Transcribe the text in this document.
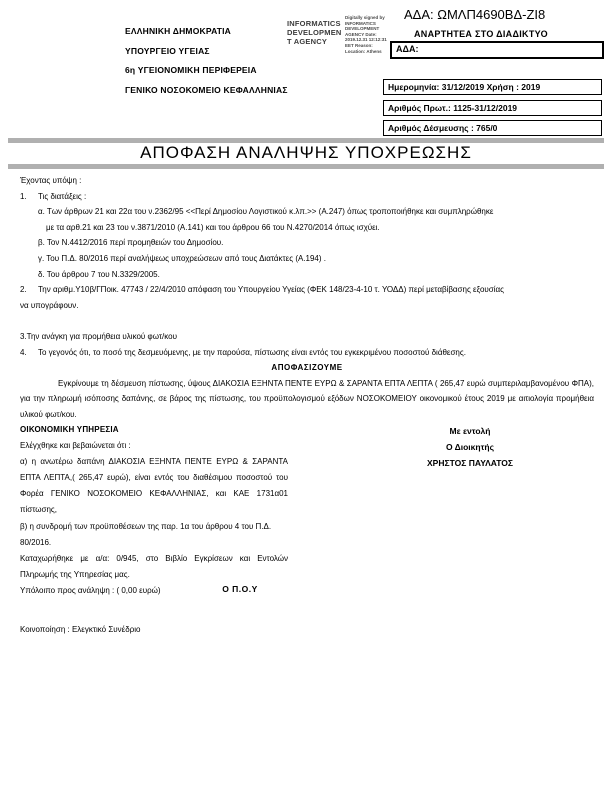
ΑΔΑ: ΩΜΛΠ4690ΒΔ-ΖΙ8
ΕΛΛΗΝΙΚΗ ΔΗΜΟΚΡΑΤΙΑ
ΥΠΟΥΡΓΕΙΟ ΥΓΕΙΑΣ
6η ΥΓΕΙΟΝΟΜΙΚΗ ΠΕΡΙΦΕΡΕΙΑ
ΓΕΝΙΚΟ ΝΟΣΟΚΟΜΕΙΟ ΚΕΦΑΛΛΗΝΙΑΣ
INFORMATICS DEVELOPMEN T AGENCY
Digitally signed by INFORMATICS DEVELOPMENT AGENCY Date: 2019.12.31 12:12:31 EET Reason: Location: Athens
ΑΝΑΡΤΗΤΕΑ ΣΤΟ ΔΙΑΔΙΚΤΥΟ
ΑΔΑ:
Ημερομηνία: 31/12/2019 Χρήση : 2019
Αριθμός Πρωτ.: 1125-31/12/2019
Αριθμός Δέσμευσης : 765/0
ΑΠΟΦΑΣΗ ΑΝΑΛΗΨΗΣ ΥΠΟΧΡΕΩΣΗΣ
Έχοντας υπόψη :
1. Τις διατάξεις :
α. Των άρθρων 21 και 22α του ν.2362/95 <<Περί Δημοσίου Λογιστικού κ.λπ.>> (Α.247) όπως τροποποιήθηκε και συμπληρώθηκε
με τα αρθ.21 και 23 του ν.3871/2010 (Α.141) και του άρθρου 66 του Ν.4270/2014 όπως ισχύει.
β. Τον Ν.4412/2016 περί προμηθειών του Δημοσίου.
γ. Του Π.Δ. 80/2016 περί αναλήψεως υποχρεώσεων από τους Διατάκτες (Α.194) .
δ. Του άρθρου 7 του Ν.3329/2005.
2. Την αριθμ.Υ10β/ΓΠοικ. 47743 / 22/4/2010 απόφαση του Υπουργείου Υγείας (ΦΕΚ 148/23-4-10 τ. ΥΟΔΔ) περί μεταβίβασης εξουσίας
να υπογράφουν.
3.Την ανάγκη για προμήθεια υλικού φωτ/κου
4. Το γεγονός ότι, το ποσό της δεσμευόμενης, με την παρούσα, πίστωσης είναι εντός του εγκεκριμένου ποσοστού διάθεσης.
ΑΠΟΦΑΣΙΖΟΥΜΕ
Εγκρίνουμε τη δέσμευση πίστωσης, ύψους ΔΙΑΚΟΣΙΑ ΕΞΗΝΤΑ ΠΕΝΤΕ ΕΥΡΩ & ΣΑΡΑΝΤΑ ΕΠΤΑ ΛΕΠΤΑ ( 265,47 ευρώ συμπεριλαμβανομένου ΦΠΑ), για την πληρωμή ισόποσης δαπάνης, σε βάρος της πίστωσης, του προϋπολογισμού εξόδων ΝΟΣΟΚΟΜΕΙΟΥ οικονομικού έτους 2019 με αιτιολογία προμήθεια υλικού φωτ/κου.
ΟΙΚΟΝΟΜΙΚΗ ΥΠΗΡΕΣΙΑ
Ελέγχθηκε και βεβαιώνεται ότι :
α) η ανωτέρω δαπάνη ΔΙΑΚΟΣΙΑ ΕΞΗΝΤΑ ΠΕΝΤΕ ΕΥΡΩ & ΣΑΡΑΝΤΑ ΕΠΤΑ ΛΕΠΤΑ,( 265,47 ευρώ), είναι εντός του διαθέσιμου ποσοστού του Φορέα ΓΕΝΙΚΟ ΝΟΣΟΚΟΜΕΙΟ ΚΕΦΑΛΛΗΝΙΑΣ, και ΚΑΕ 1731α01 πίστωσης,
β) η συνδρομή των προϋποθέσεων της παρ. 1α του άρθρου 4 του Π.Δ. 80/2016.
Καταχωρήθηκε με α/α: 0/945, στο Βιβλίο Εγκρίσεων και Εντολών Πληρωμής της Υπηρεσίας μας.
Υπόλοιπο προς ανάληψη : ( 0,00 ευρώ)	Ο Π.Ο.Υ
Με εντολή
Ο Διοικητής
ΧΡΗΣΤΟΣ ΠΑΥΛΑΤΟΣ
Κοινοποίηση : Ελεγκτικό Συνέδριο
